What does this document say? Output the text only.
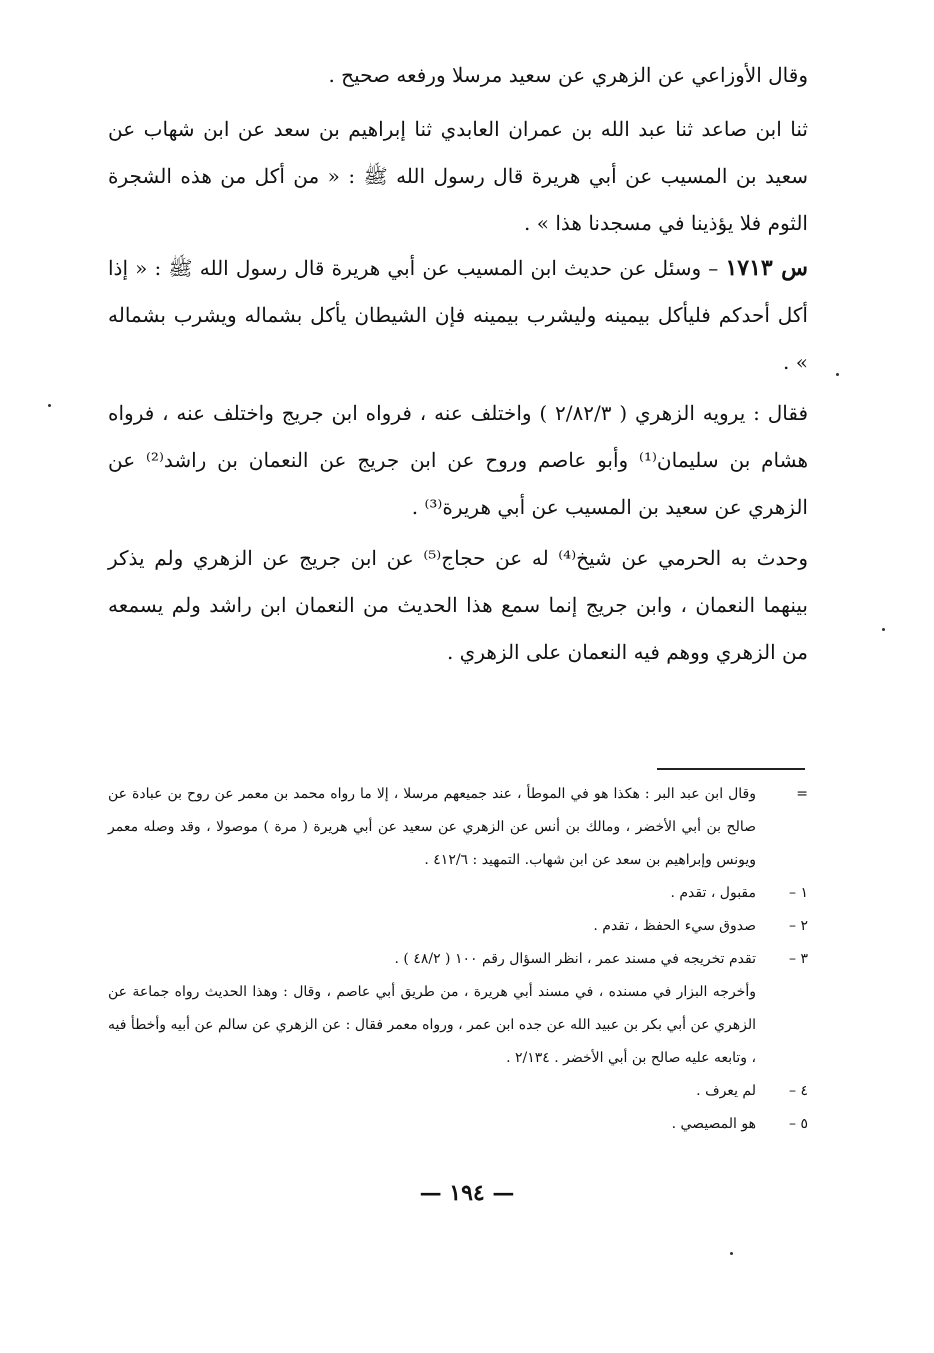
وقال الأوزاعي عن الزهري عن سعيد مرسلا ورفعه صحيح .

ثنا ابن صاعد ثنا عبد الله بن عمران العابدي ثنا إبراهيم بن سعد عن ابن شهاب عن سعيد بن المسيب عن أبي هريرة قال رسول الله ﷺ : « من أكل من هذه الشجرة الثوم فلا يؤذينا في مسجدنا هذا » .

س ١٧١٣ – وسئل عن حديث ابن المسيب عن أبي هريرة قال رسول الله ﷺ : « إذا أكل أحدكم فليأكل بيمينه وليشرب بيمينه فإن الشيطان يأكل بشماله ويشرب بشماله » .

فقال : يرويه الزهري ( ٢/٨٢/٣ ) واختلف عنه ، فرواه ابن جريج واختلف عنه ، فرواه هشام بن سليمان⁽¹⁾ وأبو عاصم وروح عن ابن جريج عن النعمان بن راشد⁽²⁾ عن الزهري عن سعيد بن المسيب عن أبي هريرة⁽³⁾ .

وحدث به الحرمي عن شيخ⁽⁴⁾ له عن حجاج⁽⁵⁾ عن ابن جريج عن الزهري ولم يذكر بينهما النعمان ، وابن جريج إنما سمع هذا الحديث من النعمان ابن راشد ولم يسمعه من الزهري ووهم فيه النعمان على الزهري .

=
وقال ابن عبد البر : هكذا هو في الموطأ ، عند جميعهم مرسلا ، إلا ما رواه محمد بن معمر عن روح بن عبادة عن صالح بن أبي الأخضر ، ومالك بن أنس عن الزهري عن سعيد عن أبي هريرة ( مرة ) موصولا ، وقد وصله معمر ويونس وإبراهيم بن سعد عن ابن شهاب. التمهيد : ٤١٢/٦ .
١ –
مقبول ، تقدم .
٢ –
صدوق سيء الحفظ ، تقدم .
٣ –
تقدم تخريجه في مسند عمر ، انظر السؤال رقم ١٠٠ ( ٤٨/٢ ) .
وأخرجه البزار في مسنده ، في مسند أبي هريرة ، من طريق أبي عاصم ، وقال : وهذا الحديث رواه جماعة عن الزهري عن أبي بكر بن عبيد الله عن جده ابن عمر ، ورواه معمر فقال : عن الزهري عن سالم عن أبيه وأخطأ فيه ، وتابعه عليه صالح بن أبي الأخضر . ٢/١٣٤ .
٤ –
لم يعرف .
٥ –
هو المصيصي .
— ١٩٤ —
